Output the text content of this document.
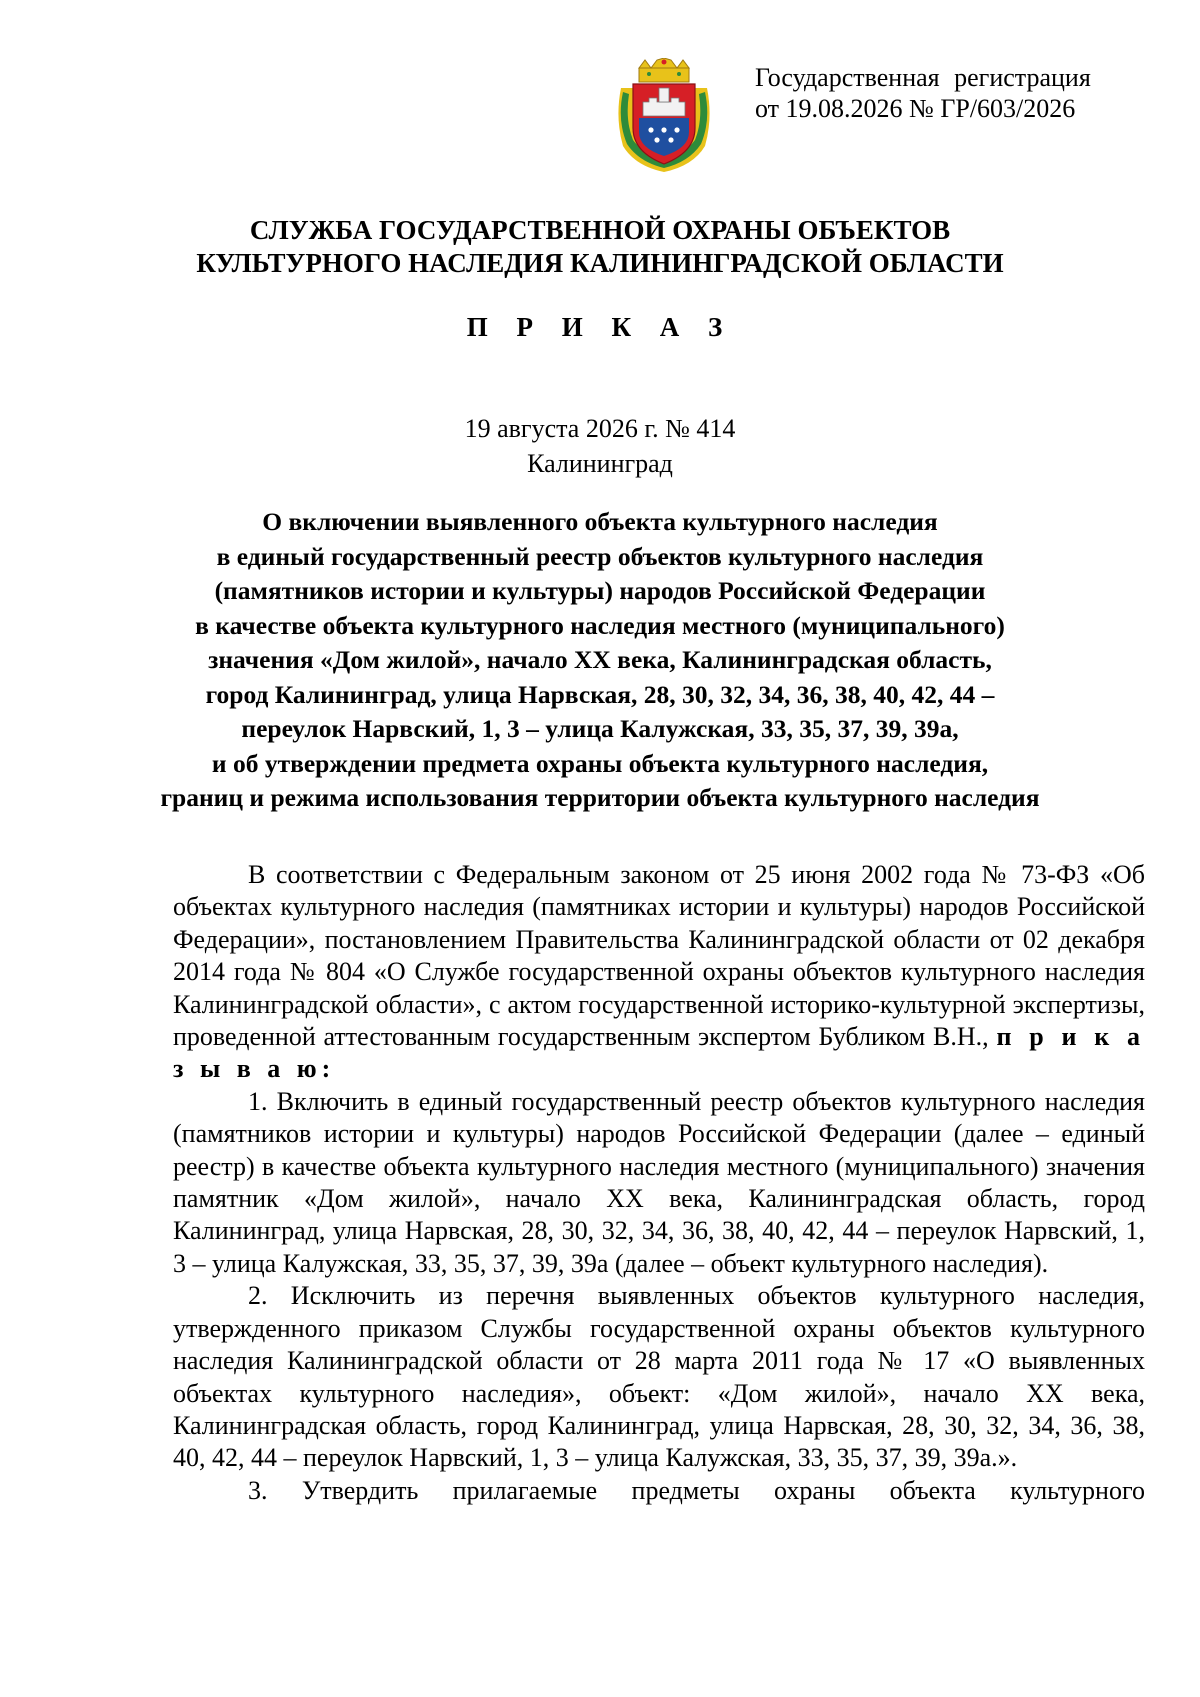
Государственная регистрация
от 19.08.2026 № ГР/603/2026
СЛУЖБА ГОСУДАРСТВЕННОЙ ОХРАНЫ ОБЪЕКТОВ
КУЛЬТУРНОГО НАСЛЕДИЯ КАЛИНИНГРАДСКОЙ ОБЛАСТИ
П Р И К А З
19 августа 2026 г. № 414
Калининград
О включении выявленного объекта культурного наследия
в единый государственный реестр объектов культурного наследия
(памятников истории и культуры) народов Российской Федерации
в качестве объекта культурного наследия местного (муниципального)
значения «Дом жилой», начало XX века, Калининградская область,
город Калининград, улица Нарвская, 28, 30, 32, 34, 36, 38, 40, 42, 44 –
переулок Нарвский, 1, 3 – улица Калужская, 33, 35, 37, 39, 39а,
и об утверждении предмета охраны объекта культурного наследия,
границ и режима использования территории объекта культурного наследия

В соответствии с Федеральным законом от 25 июня 2002 года № 73-ФЗ «Об объектах культурного наследия (памятниках истории и культуры) народов Российской Федерации», постановлением Правительства Калининградской области от 02 декабря 2014 года № 804 «О Службе государственной охраны объектов культурного наследия Калининградской области», с актом государственной историко-культурной экспертизы, проведенной аттестованным государственным экспертом Бубликом В.Н., п р и к а з ы в а ю:

1. Включить в единый государственный реестр объектов культурного наследия (памятников истории и культуры) народов Российской Федерации (далее – единый реестр) в качестве объекта культурного наследия местного (муниципального) значения памятник «Дом жилой», начало XX века, Калининградская область, город Калининград, улица Нарвская, 28, 30, 32, 34, 36, 38, 40, 42, 44 – переулок Нарвский, 1, 3 – улица Калужская, 33, 35, 37, 39, 39а (далее – объект культурного наследия).

2. Исключить из перечня выявленных объектов культурного наследия, утвержденного приказом Службы государственной охраны объектов культурного наследия Калининградской области от 28 марта 2011 года № 17 «О выявленных объектах культурного наследия», объект: «Дом жилой», начало XX века, Калининградская область, город Калининград, улица Нарвская, 28, 30, 32, 34, 36, 38, 40, 42, 44 – переулок Нарвский, 1, 3 – улица Калужская, 33, 35, 37, 39, 39а.».

3. Утвердить прилагаемые предметы охраны объекта культурного
